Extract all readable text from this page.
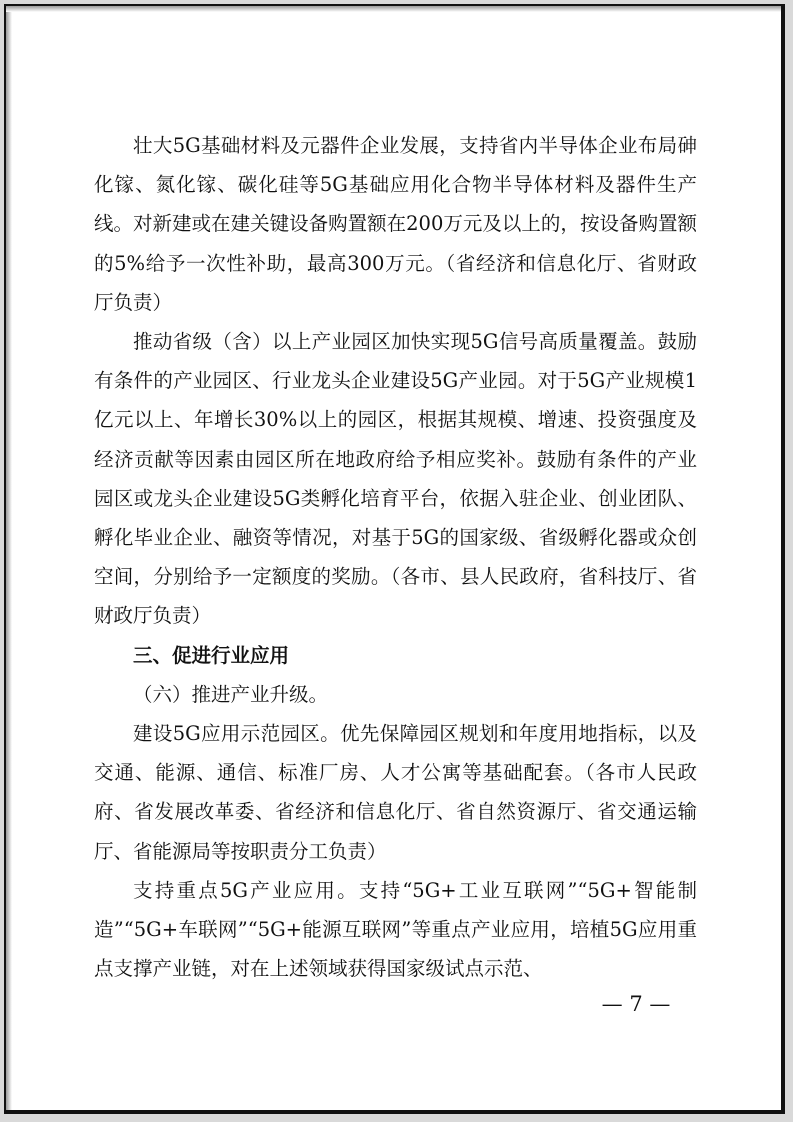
壮大5G基础材料及元器件企业发展，支持省内半导体企业布局砷化镓、氮化镓、碳化硅等5G基础应用化合物半导体材料及器件生产线。对新建或在建关键设备购置额在200万元及以上的，按设备购置额的5%给予一次性补助，最高300万元。（省经济和信息化厅、省财政厅负责）

推动省级（含）以上产业园区加快实现5G信号高质量覆盖。鼓励有条件的产业园区、行业龙头企业建设5G产业园。对于5G产业规模1亿元以上、年增长30%以上的园区，根据其规模、增速、投资强度及经济贡献等因素由园区所在地政府给予相应奖补。鼓励有条件的产业园区或龙头企业建设5G类孵化培育平台，依据入驻企业、创业团队、孵化毕业企业、融资等情况，对基于5G的国家级、省级孵化器或众创空间，分别给予一定额度的奖励。（各市、县人民政府，省科技厅、省财政厅负责）

三、促进行业应用

（六）推进产业升级。

建设5G应用示范园区。优先保障园区规划和年度用地指标，以及交通、能源、通信、标准厂房、人才公寓等基础配套。（各市人民政府、省发展改革委、省经济和信息化厅、省自然资源厅、省交通运输厅、省能源局等按职责分工负责）

支持重点5G产业应用。支持“5G+工业互联网”“5G+智能制造”“5G+车联网”“5G+能源互联网”等重点产业应用，培植5G应用重点支撑产业链，对在上述领域获得国家级试点示范、

— 7 —
